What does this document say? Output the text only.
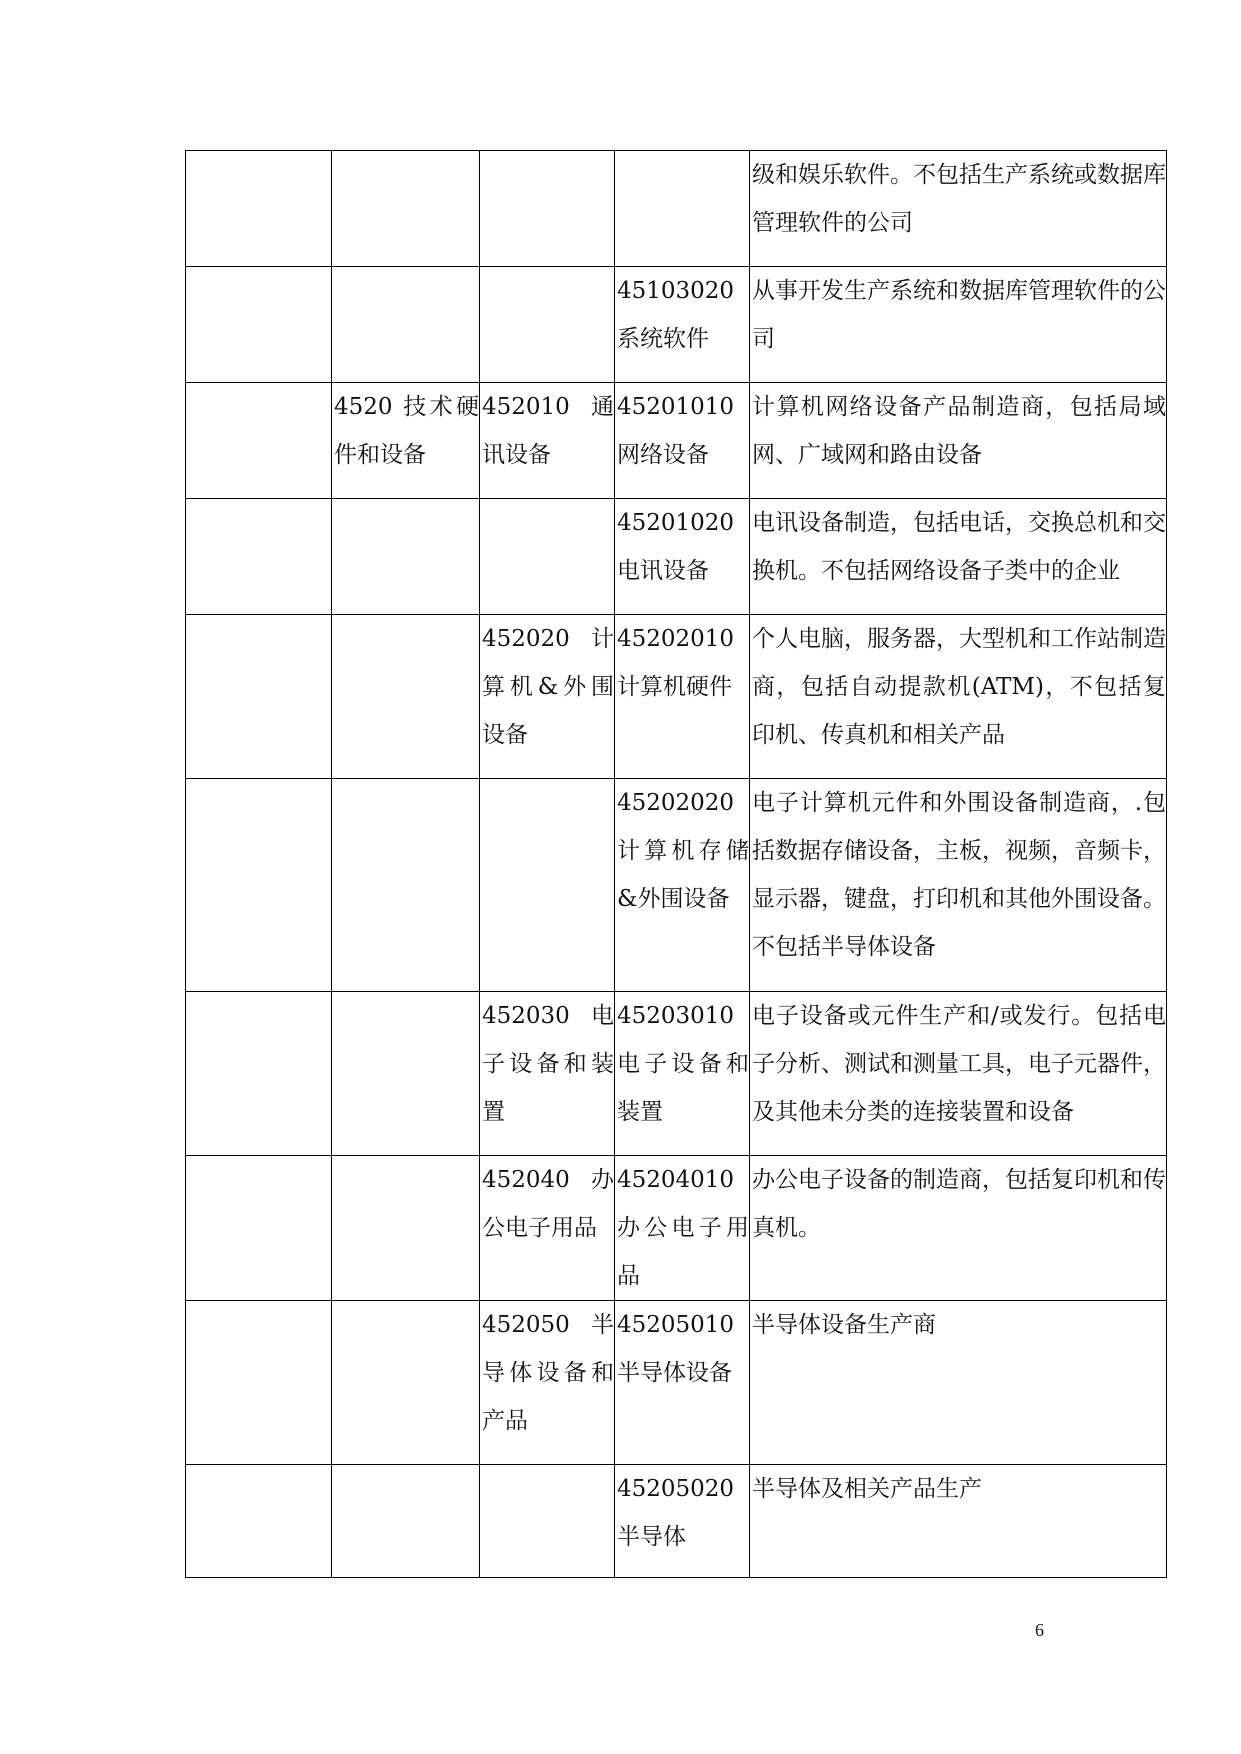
				级和娱乐软件。不包括生产系统或数据库管理软件的公司
			45103020 系统软件	从事开发生产系统和数据库管理软件的公司
	4520 技术硬件和设备	452010 通讯设备	45201010 网络设备	计算机网络设备产品制造商，包括局域网、广域网和路由设备
			45201020 电讯设备	电讯设备制造，包括电话，交换总机和交换机。不包括网络设备子类中的企业
		452020 计算机&外围设备	45202010 计算机硬件	个人电脑，服务器，大型机和工作站制造商，包括自动提款机(ATM)，不包括复印机、传真机和相关产品
			45202020 计算机存储&外围设备	电子计算机元件和外围设备制造商，.包括数据存储设备，主板，视频，音频卡，显示器，键盘，打印机和其他外围设备。不包括半导体设备
		452030 电子设备和装置	45203010 电子设备和装置	电子设备或元件生产和/或发行。包括电子分析、测试和测量工具，电子元器件，及其他未分类的连接装置和设备
		452040 办公电子用品	45204010 办公电子用品	办公电子设备的制造商，包括复印机和传真机。
		452050 半导体设备和产品	45205010 半导体设备	半导体设备生产商
			45205020 半导体	半导体及相关产品生产
6
